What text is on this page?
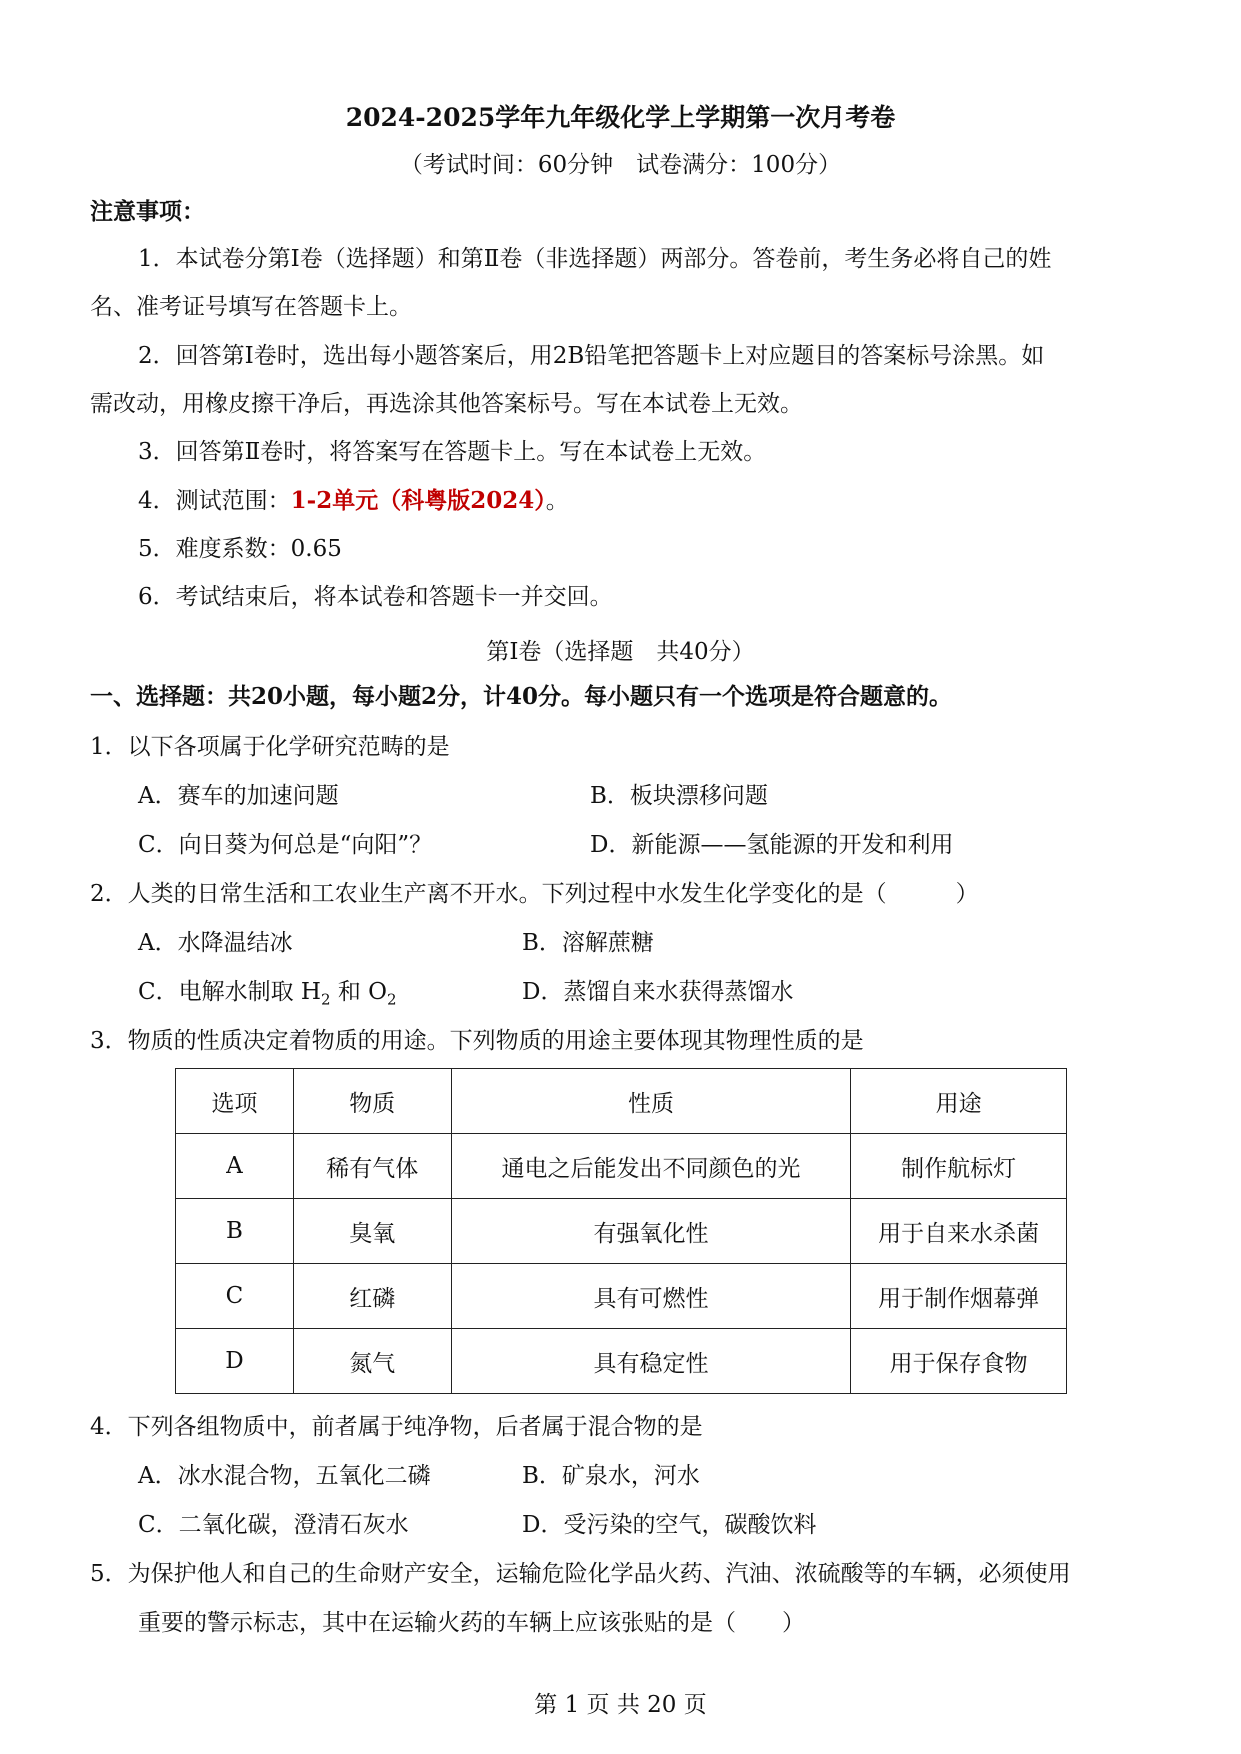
2024-2025学年九年级化学上学期第一次月考卷
（考试时间：60分钟　试卷满分：100分）
注意事项：
1．本试卷分第Ⅰ卷（选择题）和第Ⅱ卷（非选择题）两部分。答卷前，考生务必将自己的姓
名、准考证号填写在答题卡上。
2．回答第Ⅰ卷时，选出每小题答案后，用2B铅笔把答题卡上对应题目的答案标号涂黑。如
需改动，用橡皮擦干净后，再选涂其他答案标号。写在本试卷上无效。
3．回答第Ⅱ卷时，将答案写在答题卡上。写在本试卷上无效。
4．测试范围：1-2单元（科粤版2024）。
5．难度系数：0.65
6．考试结束后，将本试卷和答题卡一并交回。
第Ⅰ卷（选择题　共40分）
一、选择题：共20小题，每小题2分，计40分。每小题只有一个选项是符合题意的。
1．以下各项属于化学研究范畴的是
A．赛车的加速问题	B．板块漂移问题
C．向日葵为何总是“向阳”？	D．新能源——氢能源的开发和利用
2．人类的日常生活和工农业生产离不开水。下列过程中水发生化学变化的是（　　　）
A．水降温结冰	B．溶解蔗糖
C．电解水制取 $H_2$ 和 $O_2$	D．蒸馏自来水获得蒸馏水
3．物质的性质决定着物质的用途。下列物质的用途主要体现其物理性质的是
选项	物质	性质	用途
A	稀有气体	通电之后能发出不同颜色的光	制作航标灯
B	臭氧	有强氧化性	用于自来水杀菌
C	红磷	具有可燃性	用于制作烟幕弹
D	氮气	具有稳定性	用于保存食物
4．下列各组物质中，前者属于纯净物，后者属于混合物的是
A．冰水混合物，五氧化二磷	B．矿泉水，河水
C．二氧化碳，澄清石灰水	D．受污染的空气，碳酸饮料
5．为保护他人和自己的生命财产安全，运输危险化学品火药、汽油、浓硫酸等的车辆，必须使用
重要的警示标志，其中在运输火药的车辆上应该张贴的是（　　）
第 1 页 共 20 页
